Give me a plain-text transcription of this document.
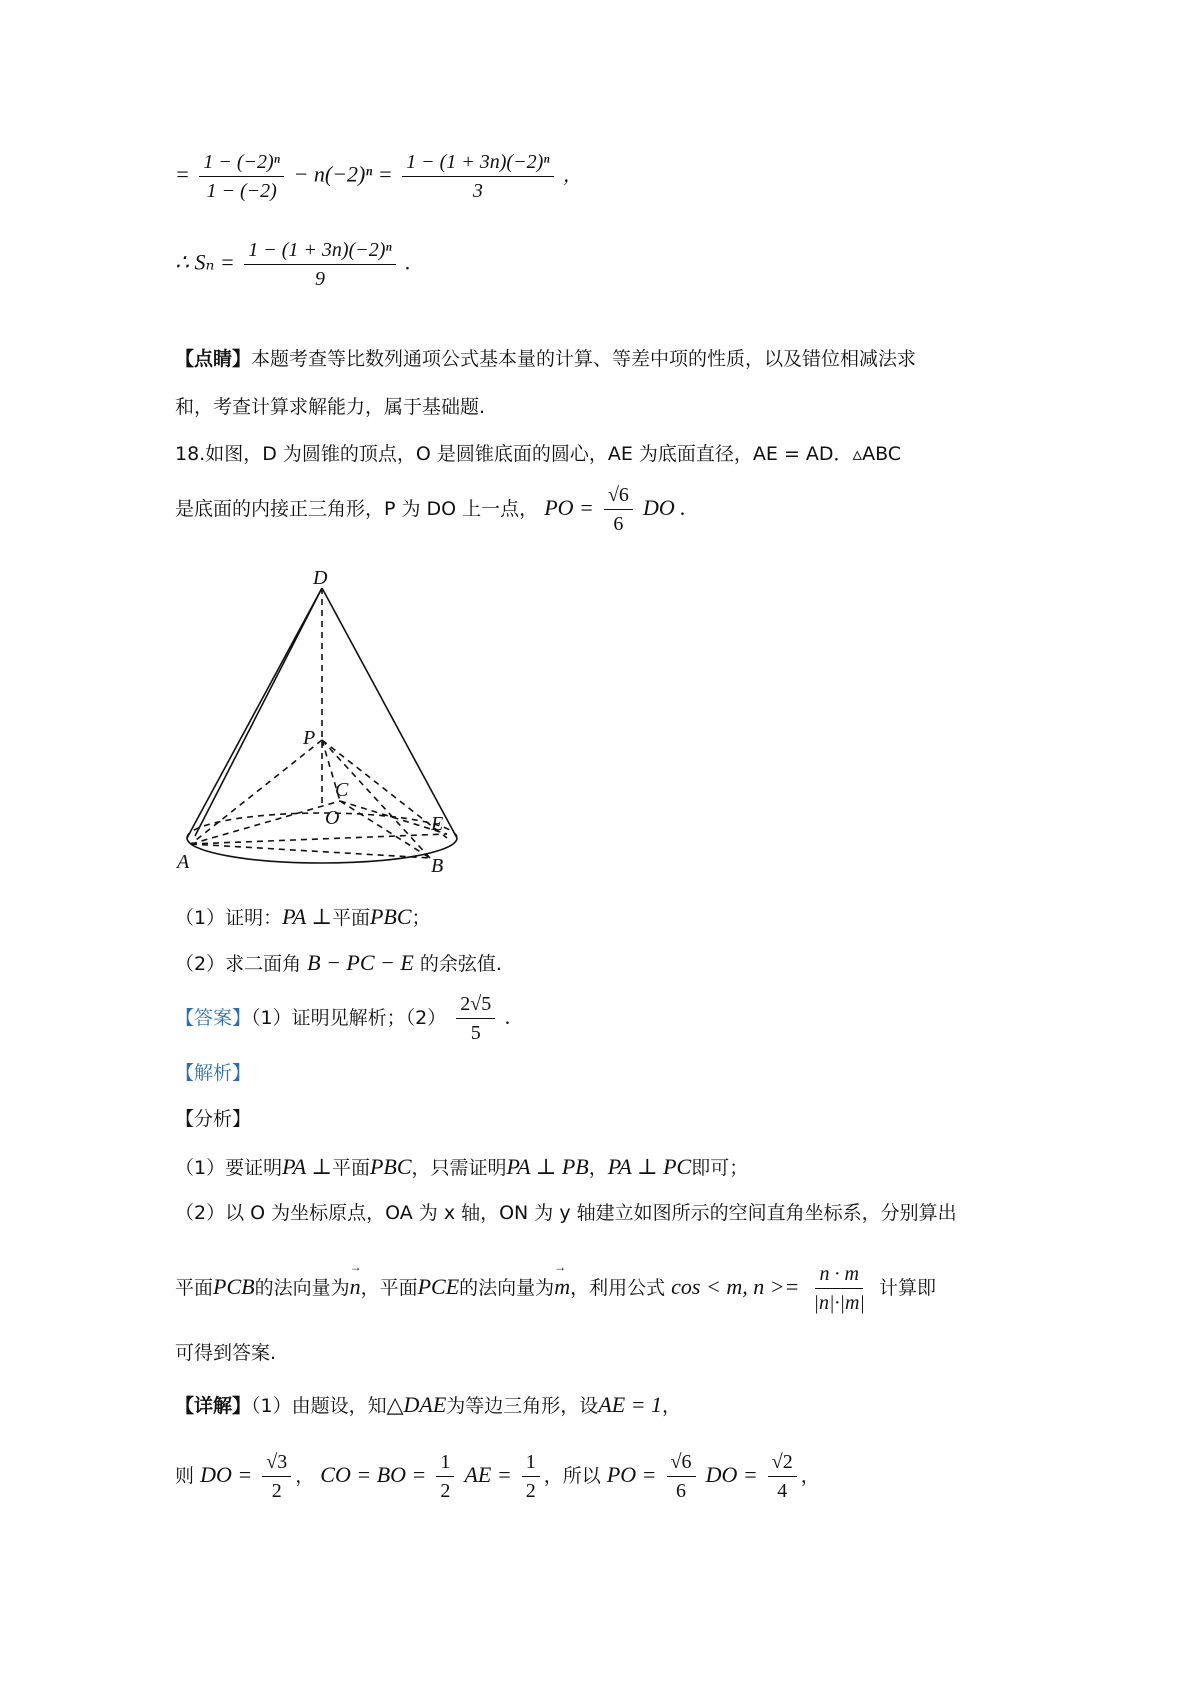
= $\frac{\text{1 − (−2)ⁿ}}{1 - (-2)} - n(-2)^n = \frac{\text{1 − (1 + 3n)(−2)ⁿ}}{3}$ ，
∴ $S_n = \frac{\text{1 − (1 + 3n)(−2)ⁿ}}{9}$ .
【点睛】本题考查等比数列通项公式基本量的计算、等差中项的性质，以及错位相减法求
和，考查计算求解能力，属于基础题.
18.如图，D 为圆锥的顶点，O 是圆锥底面的圆心，AE 为底面直径，AE = AD．▵ABC
是底面的内接正三角形，P 为 DO 上一点， PO = $\frac{√6}{6}$ DO .
D
P
C
O	E
A	B
（1）证明：PA ⊥平面PBC；
（2）求二面角 B − PC − E 的余弦值.
【答案】（1）证明见解析；$(2) \frac{2√5}{5}$ .
【解析】
【分析】
（1）要证明PA ⊥平面PBC，只需证明PA ⊥ PB，PA ⊥ PC即可；
（2）以 O 为坐标原点，OA 为 x 轴，ON 为 y 轴建立如图所示的空间直角坐标系，分别算出
平面PCB的法向量为→ n，平面PCE的法向量为→ m，利用公式 cos < m, $n >= \frac{n \cdot m}{|n|\cdot|m|}$ 计算即
可得到答案.
【详解】（1）由题设，知△DAE为等边三角形，设AE = 1，
则 DO = $\frac{√3}{2}$ ， CO = BO = $\frac{1}{2}$ AE = $\frac{1}{2}$ ，所以 PO = $\frac{√6}{6}$ DO = $\frac{√2}{4}$ ，
